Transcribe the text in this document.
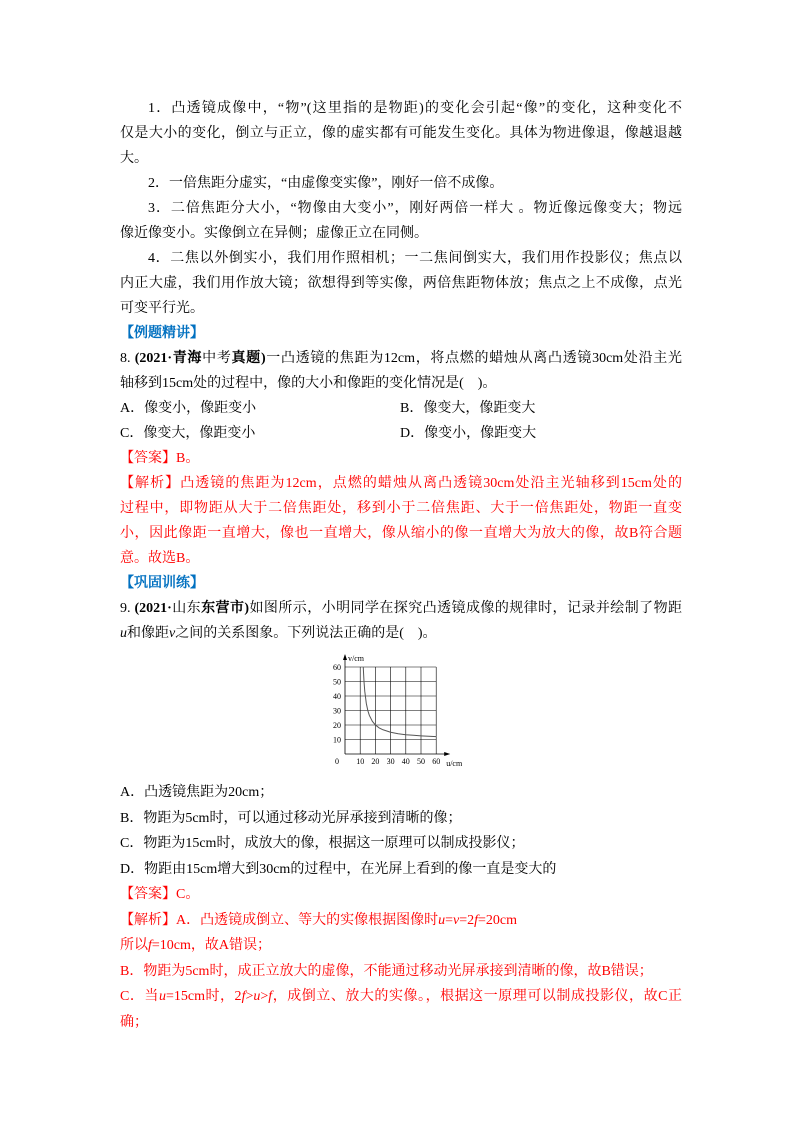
1．凸透镜成像中，“物”(这里指的是物距)的变化会引起“像”的变化，这种变化不
仅是大小的变化，倒立与正立，像的虚实都有可能发生变化。具体为物进像退，像越退越
大。
2．一倍焦距分虚实，“由虚像变实像”，刚好一倍不成像。
3．二倍焦距分大小，“物像由大变小”，刚好两倍一样大 。物近像远像变大；物远
像近像变小。实像倒立在异侧；虚像正立在同侧。
4．二焦以外倒实小，我们用作照相机；一二焦间倒实大，我们用作投影仪；焦点以
内正大虚，我们用作放大镜；欲想得到等实像，两倍焦距物体放；焦点之上不成像，点光
可变平行光。
【例题精讲】
8. (2021·青海中考真题)一凸透镜的焦距为12cm，将点燃的蜡烛从离凸透镜30cm处沿主光
轴移到15cm处的过程中，像的大小和像距的变化情况是(　)。
A．像变小，像距变小	B．像变大，像距变大
C．像变大，像距变小	D．像变小，像距变大
【答案】B。
【解析】凸透镜的焦距为12cm，点燃的蜡烛从离凸透镜30cm处沿主光轴移到15cm处的
过程中，即物距从大于二倍焦距处，移到小于二倍焦距、大于一倍焦距处，物距一直变
小，因此像距一直增大，像也一直增大，像从缩小的像一直增大为放大的像，故B符合题
意。故选B。
【巩固训练】
9. (2021·山东东营市)如图所示，小明同学在探究凸透镜成像的规律时，记录并绘制了物距
u和像距v之间的关系图象。下列说法正确的是(　)。
0 10 20 30 40 50 60
10
20
30
40
50
60
v/cm
u/cm
A．凸透镜焦距为20cm；
B．物距为5cm时，可以通过移动光屏承接到清晰的像；
C．物距为15cm时，成放大的像，根据这一原理可以制成投影仪；
D．物距由15cm增大到30cm的过程中，在光屏上看到的像一直是变大的
【答案】C。
【解析】A．凸透镜成倒立、等大的实像根据图像时u=v=2f=20cm
所以f=10cm，故A错误；
B．物距为5cm时，成正立放大的虚像，不能通过移动光屏承接到清晰的像，故B错误；
C．当u=15cm时，2f>u>f，成倒立、放大的实像。，根据这一原理可以制成投影仪，故C正
确；
